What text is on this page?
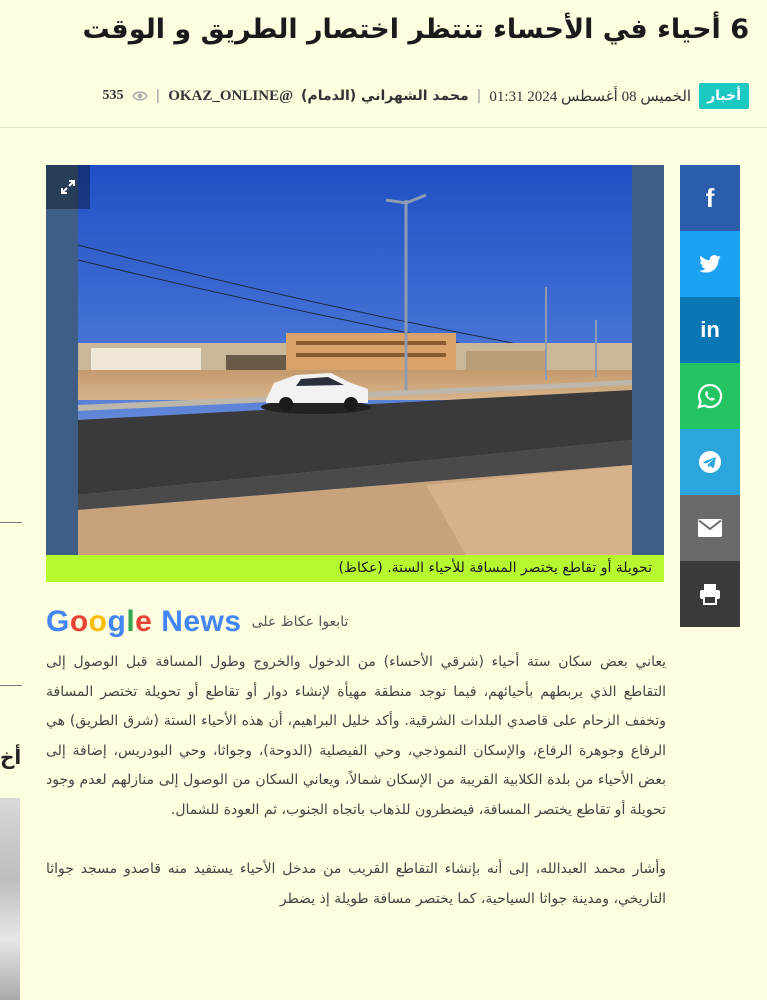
6 أحياء في الأحساء تنتظر اختصار الطريق و الوقت
أخبار
الخميس 08 أغسطس 2024 01:31
|
محمد الشهراني (الدمام)
@OKAZ_ONLINE
|
535
أخ
تحويلة أو تقاطع يختصر المسافة للأحياء الستة. (عكاظ)
f
in
تابعوا عكاظ على
Google News

يعاني بعض سكان ستة أحياء (شرقي الأحساء) من الدخول والخروج وطول المسافة قبل الوصول إلى التقاطع الذي يربطهم بأحيائهم، فيما توجد منطقة مهيأة لإنشاء دوار أو تقاطع أو تحويلة تختصر المسافة وتخفف الزحام على قاصدي البلدات الشرقية. وأكد خليل البراهيم، أن هذه الأحياء الستة (شرق الطريق) هي الرفاع وجوهرة الرفاع، والإسكان النموذجي، وحي الفيصلية (الدوحة)، وجواثا، وحي البودريس، إضافة إلى بعض الأحياء من بلدة الكلابية القريبة من الإسكان شمالاً، ويعاني السكان من الوصول إلى منازلهم لعدم وجود تحويلة أو تقاطع يختصر المسافة، فيضطرون للذهاب باتجاه الجنوب، ثم العودة للشمال.

وأشار محمد العبدالله، إلى أنه بإنشاء التقاطع القريب من مدخل الأحياء يستفيد منه قاصدو مسجد جواثا التاريخي، ومدينة جواثا السياحية، كما يختصر مسافة طويلة إذ يضطر
